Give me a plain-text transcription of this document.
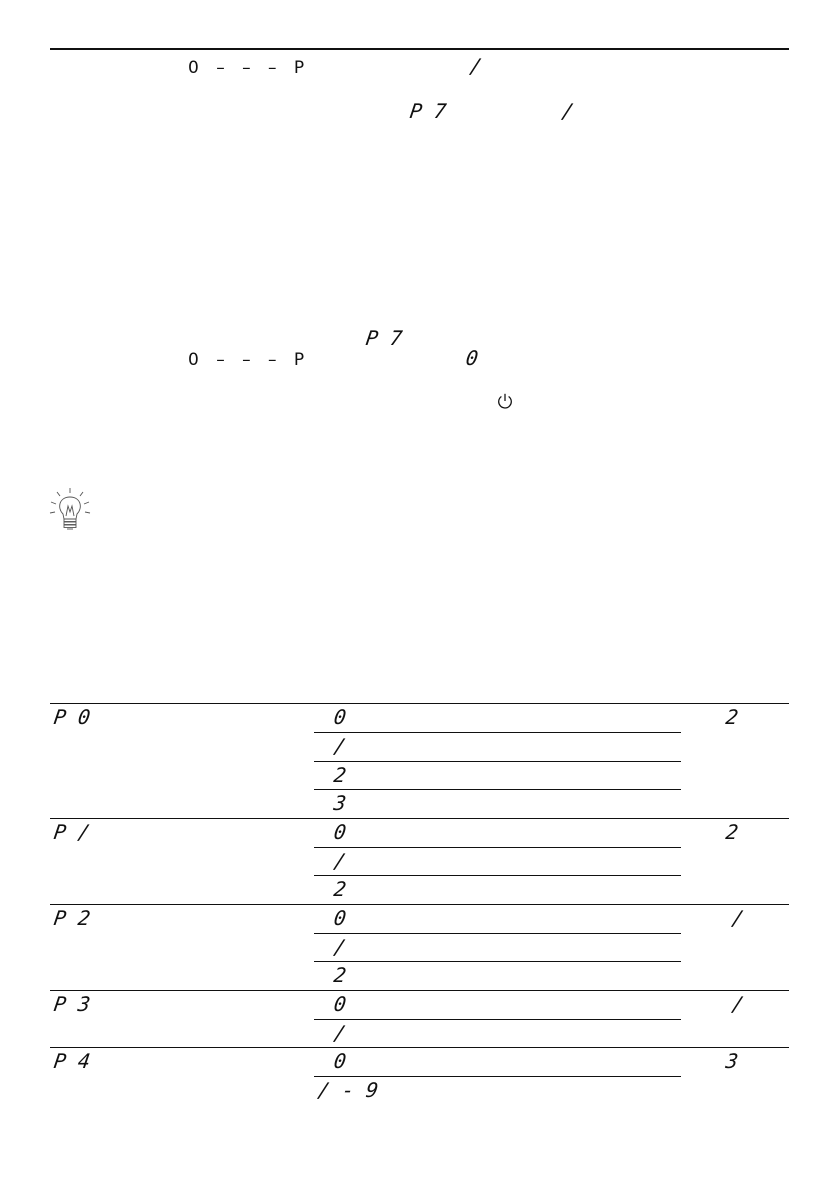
0 – – – P	/
P 7	/
P 7
0 – – – P	0
P 0	0	2
/
2
3
P /	0	2
/
2
P 2	0	/
/
2
P 3	0	/
/
P 4	0	3
/ - 9
